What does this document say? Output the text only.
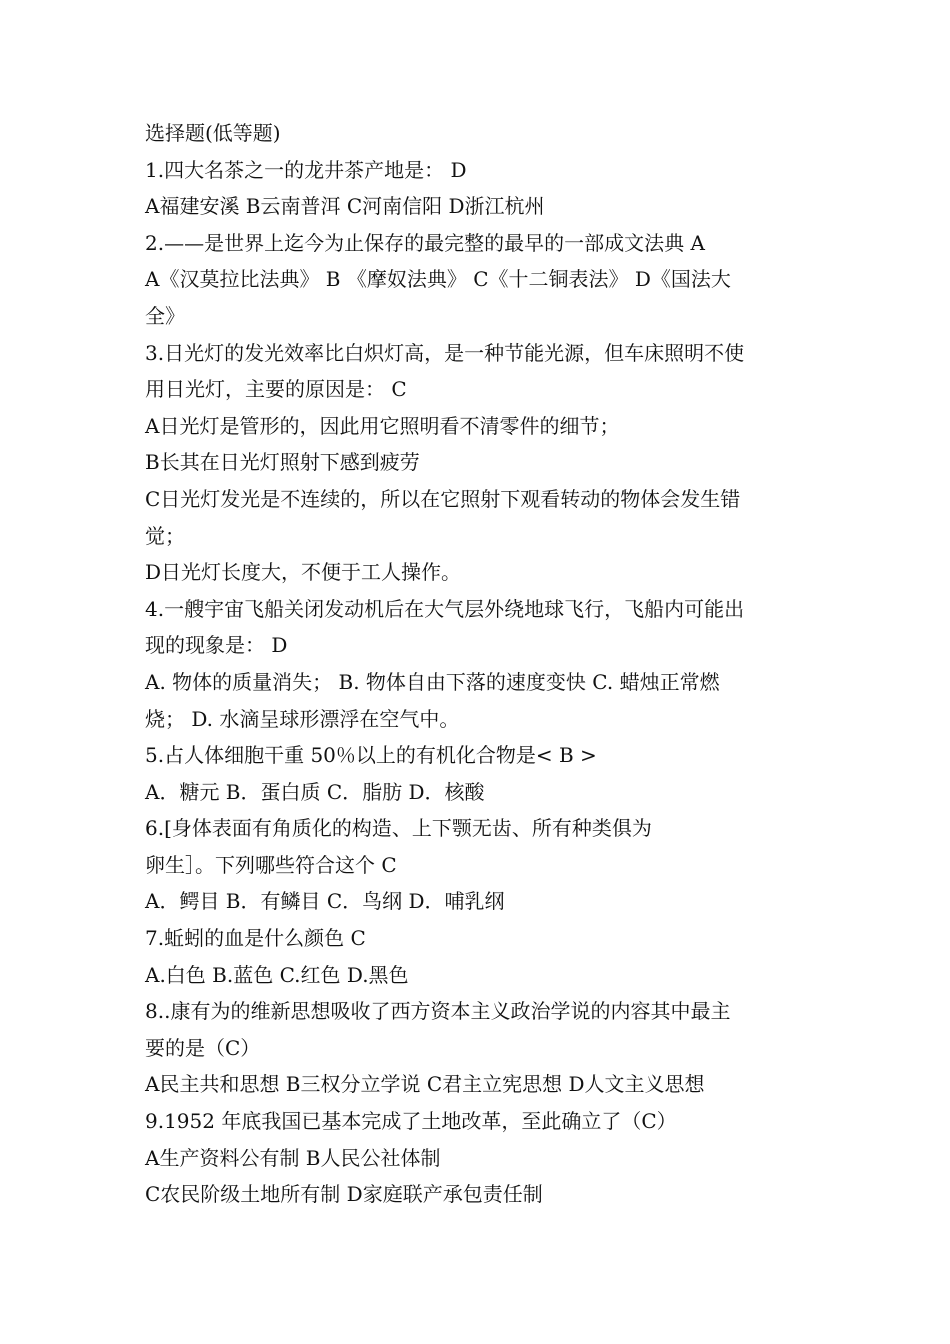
选择题(低等题)
1.四大名茶之一的龙井茶产地是： D
A福建安溪 B云南普洱 C河南信阳 D浙江杭州
2.——是世界上迄今为止保存的最完整的最早的一部成文法典 A
A《汉莫拉比法典》 B 《摩奴法典》 C《十二铜表法》 D《国法大
全》
3.日光灯的发光效率比白炽灯高，是一种节能光源，但车床照明不使
用日光灯，主要的原因是： C
A日光灯是管形的，因此用它照明看不清零件的细节；
B长其在日光灯照射下感到疲劳
C日光灯发光是不连续的，所以在它照射下观看转动的物体会发生错
觉；
D日光灯长度大，不便于工人操作。
4.一艘宇宙飞船关闭发动机后在大气层外绕地球飞行，飞船内可能出
现的现象是： D
A. 物体的质量消失； B. 物体自由下落的速度变快 C. 蜡烛正常燃
烧； D. 水滴呈球形漂浮在空气中。
5.占人体细胞干重 50％以上的有机化合物是< B >
A．糖元 B．蛋白质 C．脂肪 D．核酸
6.[身体表面有角质化的构造、上下颚无齿、所有种类俱为
卵生］。下列哪些符合这个 C
A．鳄目 B．有鳞目 C．鸟纲 D．哺乳纲
7.蚯蚓的血是什么颜色 C
A.白色 B.蓝色 C.红色 D.黑色
8..康有为的维新思想吸收了西方资本主义政治学说的内容其中最主
要的是（C）
A民主共和思想 B三权分立学说 C君主立宪思想 D人文主义思想
9.1952 年底我国已基本完成了土地改革，至此确立了（C）
A生产资料公有制 B人民公社体制
C农民阶级土地所有制 D家庭联产承包责任制
